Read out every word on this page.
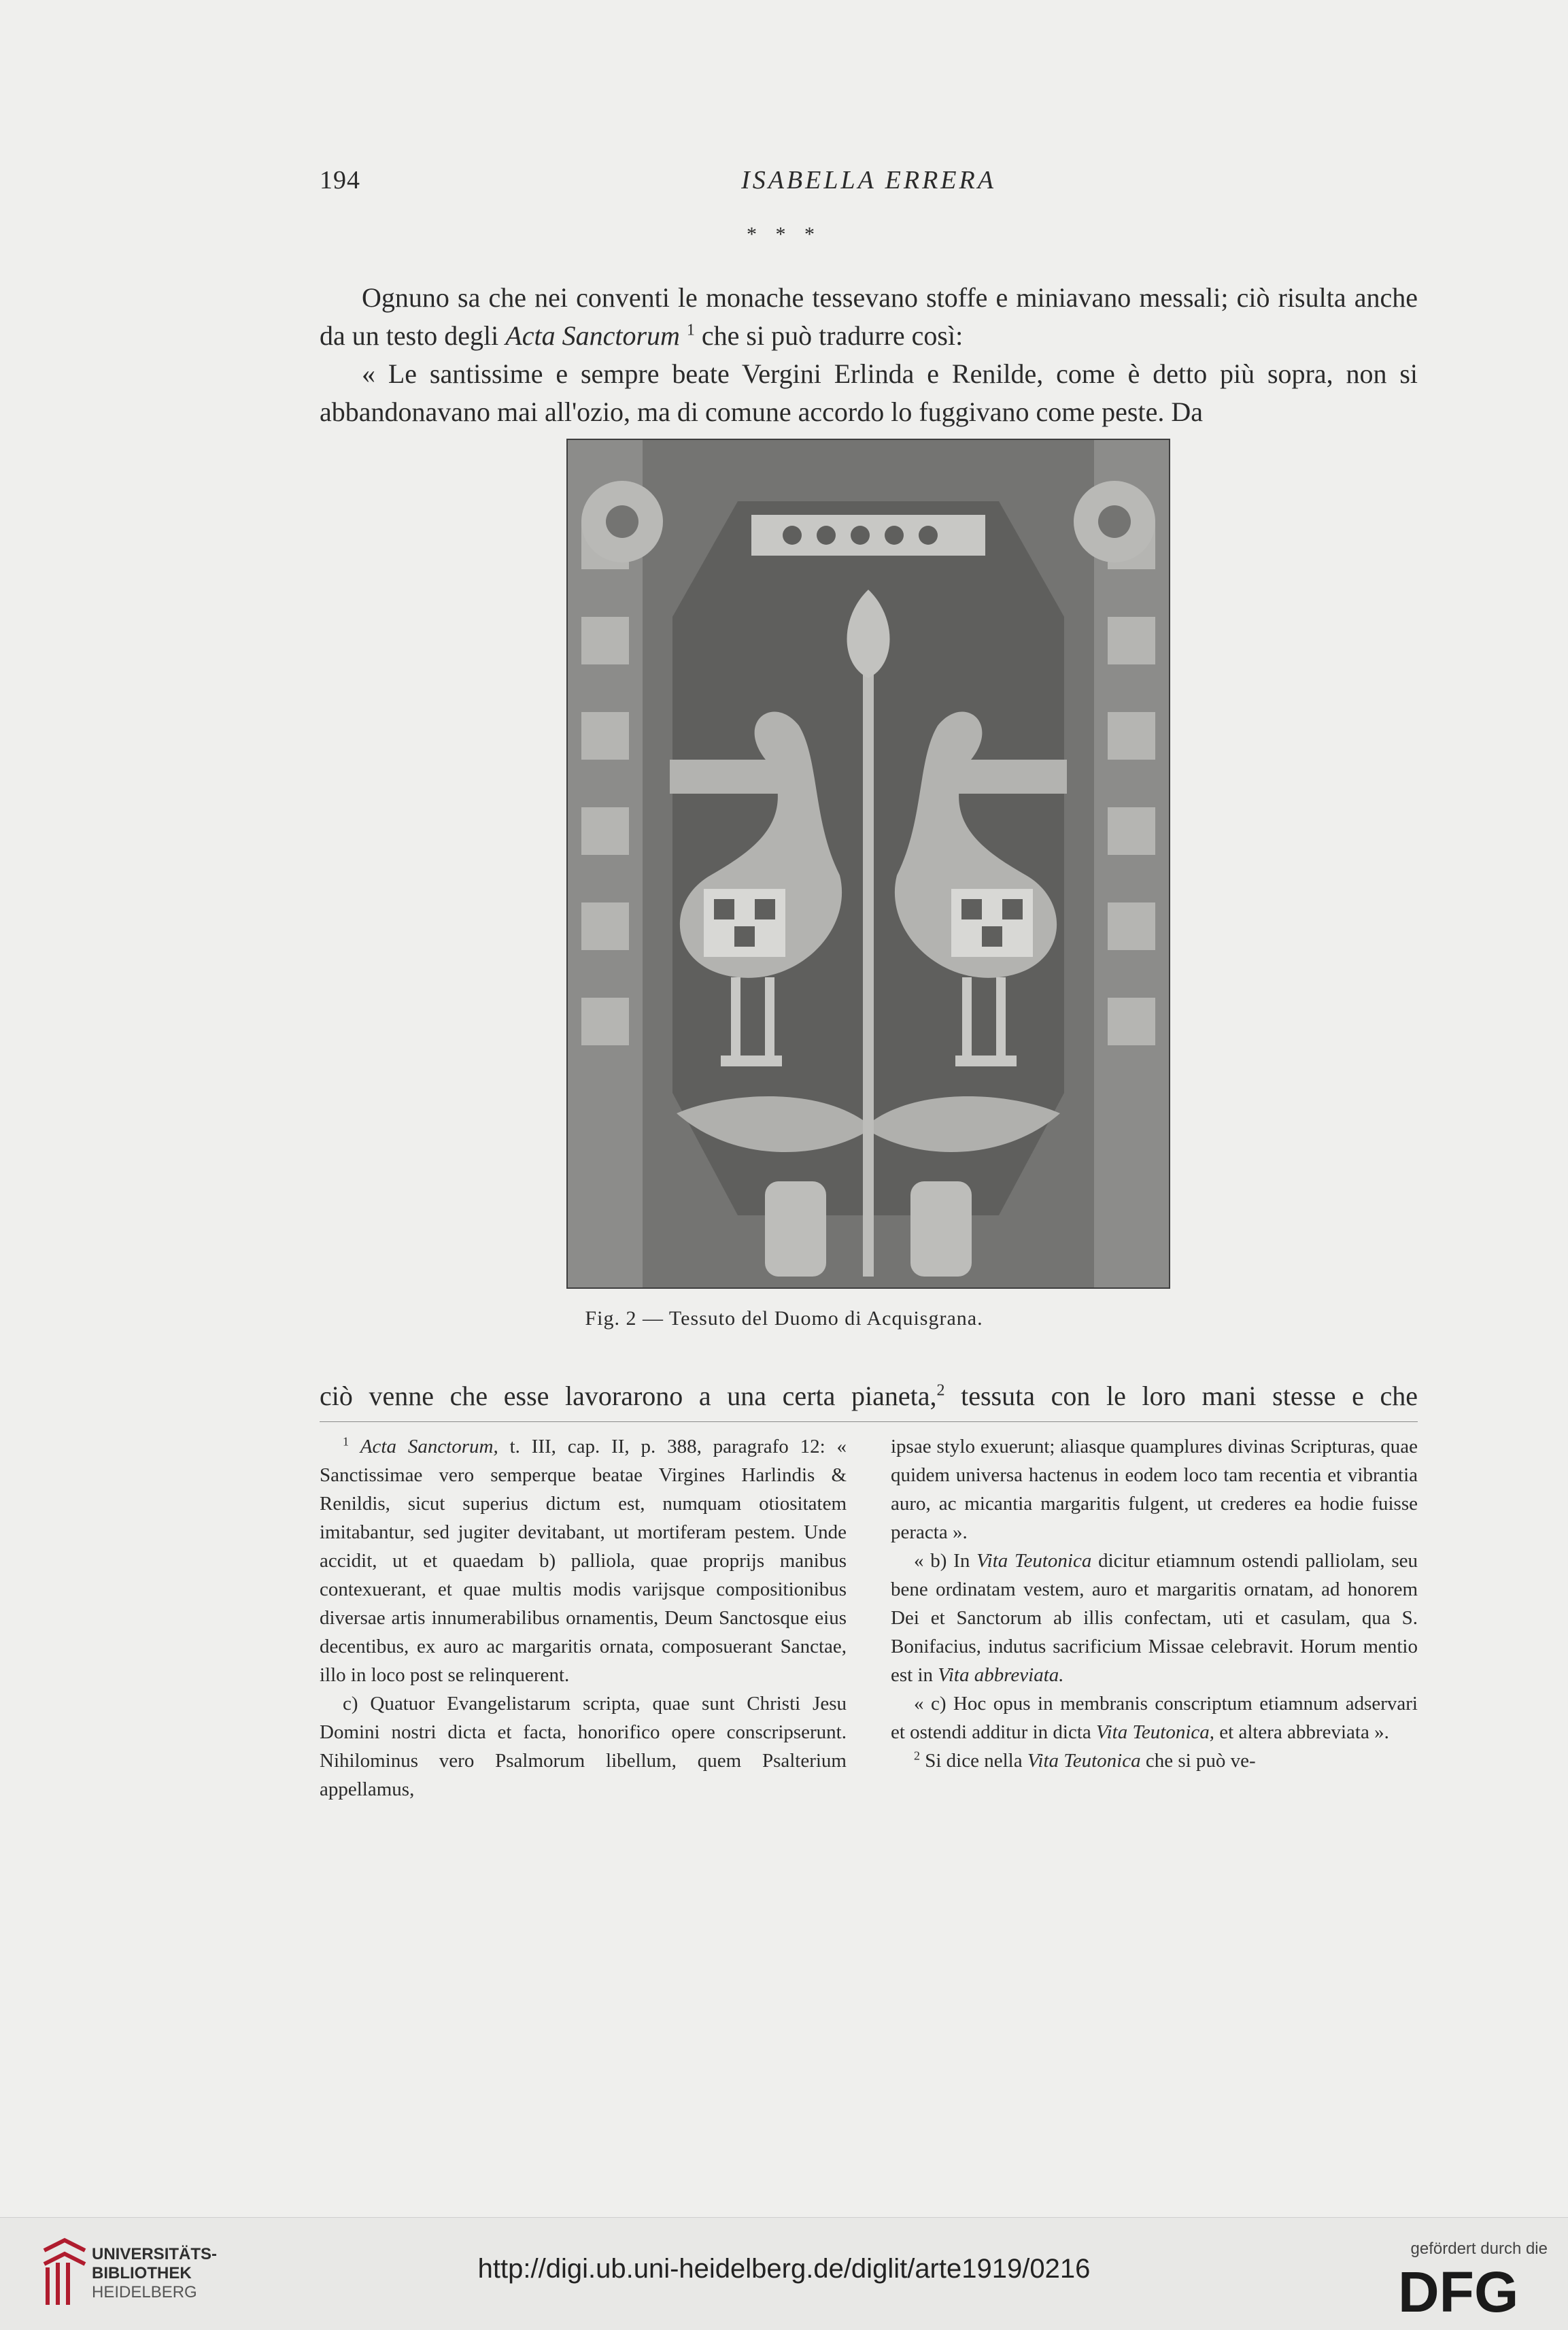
194	ISABELLA ERRERA
* * *

Ognuno sa che nei conventi le monache tessevano stoffe e miniavano messali; ciò risulta anche da un testo degli Acta Sanctorum $^1$ che si può tradurre così:

« Le santissime e sempre beate Vergini Erlinda e Renilde, come è detto più sopra, non si abbandonavano mai all'ozio, ma di comune accordo lo fuggivano come peste. Da

Fig. 2 — Tessuto del Duomo di Acquisgrana.

ciò venne che esse lavorarono a una certa pianeta,$^2$ tessuta con le loro mani stesse e che

$^1$ Acta Sanctorum, t. III, cap. II, p. 388, paragrafo 12: « Sanctissimae vero semperque beatae Virgines Harlindis & Renildis, sicut superius dictum est, numquam otiositatem imitabantur, sed jugiter devitabant, ut mortiferam pestem. Unde accidit, ut et quaedam b) palliola, quae proprijs manibus contexuerant, et quae multis modis varijsque compositionibus diversae artis innumerabilibus ornamentis, Deum Sanctosque eius decentibus, ex auro ac margaritis ornata, composuerant Sanctae, illo in loco post se relinquerent.

c) Quatuor Evangelistarum scripta, quae sunt Christi Jesu Domini nostri dicta et facta, honorifico opere conscripserunt. Nihilominus vero Psalmorum libellum, quem Psalterium appellamus,

ipsae stylo exuerunt; aliasque quamplures divinas Scripturas, quae quidem universa hactenus in eodem loco tam recentia et vibrantia auro, ac micantia margaritis fulgent, ut crederes ea hodie fuisse peracta ».

« b) In Vita Teutonica dicitur etiamnum ostendi palliolam, seu bene ordinatam vestem, auro et margaritis ornatam, ad honorem Dei et Sanctorum ab illis confectam, uti et casulam, qua S. Bonifacius, indutus sacrificium Missae celebravit. Horum mentio est in Vita abbreviata.

« c) Hoc opus in membranis conscriptum etiamnum adservari et ostendi additur in dicta Vita Teutonica, et altera abbreviata ».

$^2$ Si dice nella Vita Teutonica che si può ve-

UNIVERSITÄTS-
BIBLIOTHEK
HEIDELBERG
http://digi.ub.uni-heidelberg.de/diglit/arte1919/0216
gefördert durch die
DFG
